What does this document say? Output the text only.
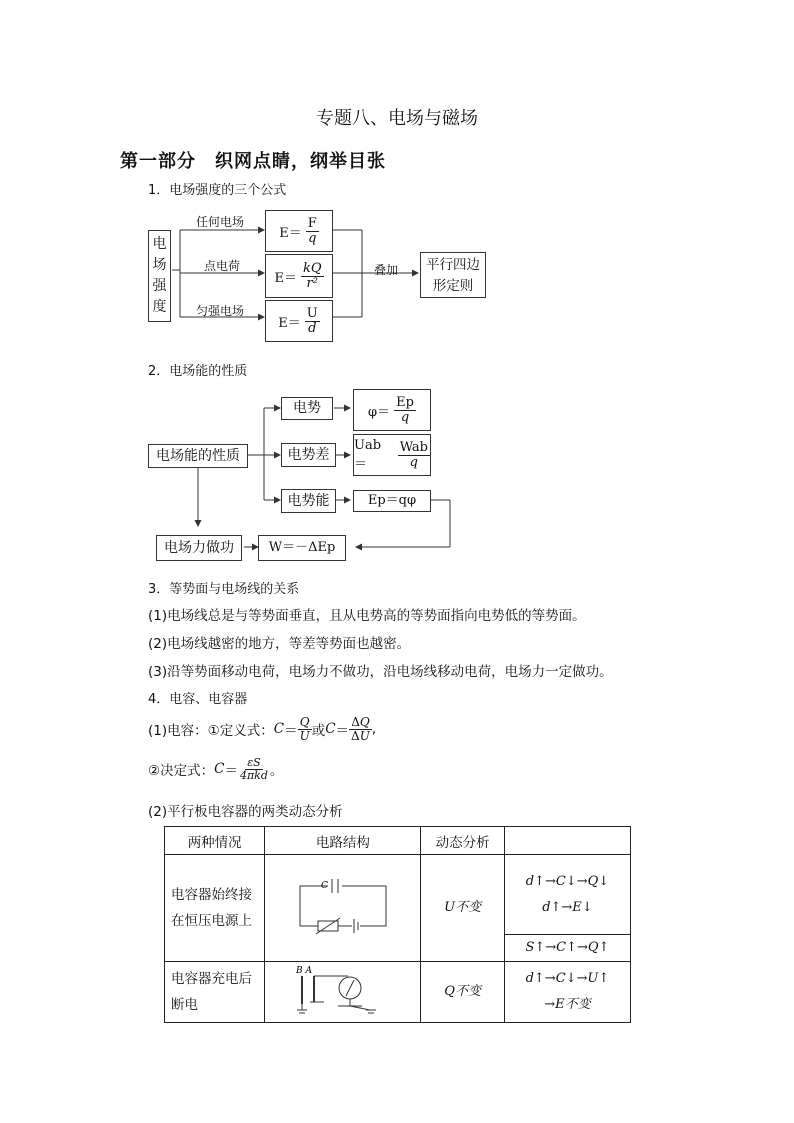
专题八、电场与磁场
第一部分　织网点睛，纲举目张
1．电场强度的三个公式
电
场
强
度
任何电场
点电荷
匀强电场
$E= \frac{F}{q}$
$E= \frac{kQ}{\text{r²}}$
$E= \frac{U}{d}$
叠加	平行四边
形定则
2．电场能的性质
电场能的性质
电势
电势差
电势能
$\varphi= \frac{Ep}{q}$
Uab＝	$\frac{\text{Wab}}{q}$
Ep＝qφ
电场力做功	W＝－ΔEp
3．等势面与电场线的关系
(1)电场线总是与等势面垂直，且从电势高的等势面指向电势低的等势面。
(2)电场线越密的地方，等差等势面也越密。
(3)沿等势面移动电荷，电场力不做功，沿电场线移动电荷，电场力一定做功。
4．电容、电容器
(1)电容：①定义式： $C = \frac{Q}{U}$ 或 $C = \frac{\Delta Q}{\Delta U}$ ,
②决定式： $C = \frac{\varepsilon S}{\text{4πkd}}$ 。
(2)平行板电容器的两类动态分析
两种情况	电路结构	动态分析	

电容器始终接在恒压电源上	C	U不变	d↑→C↓→Q↓
d↑→E↓

			S↑→C↑→Q↑

电容器充电后断电	B A	Q不变	d↑→C↓→U↑
→E不变
